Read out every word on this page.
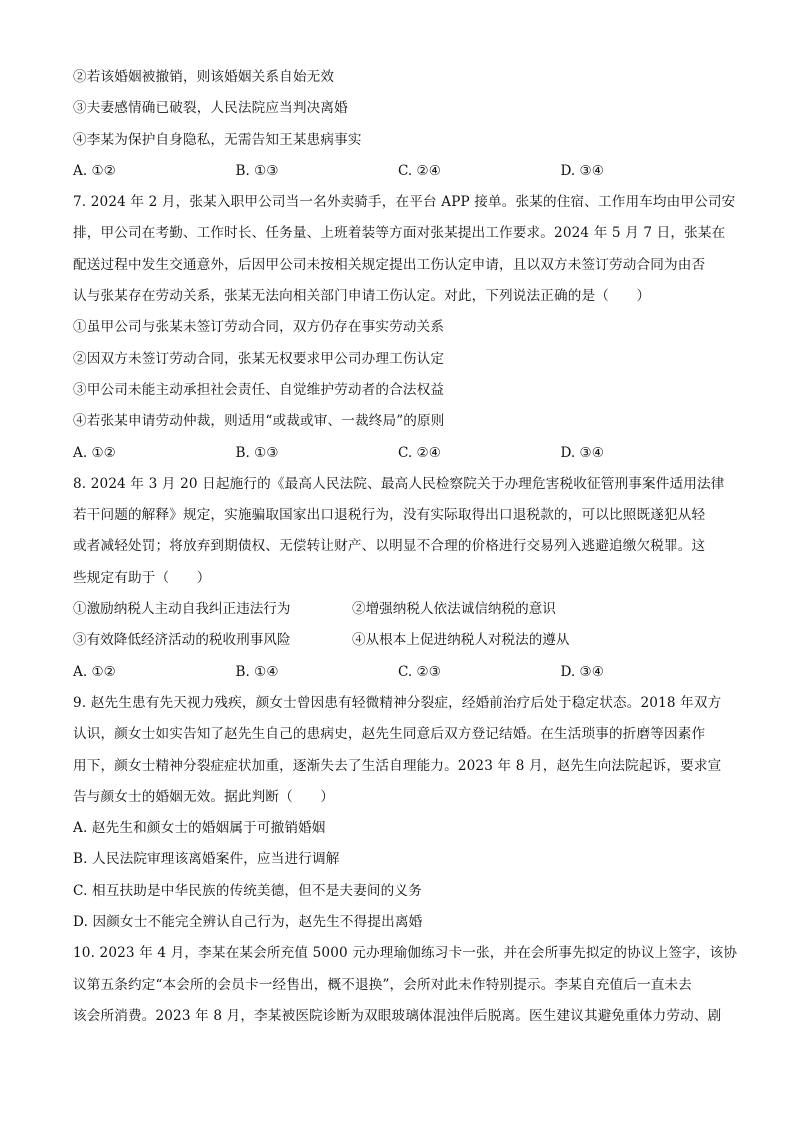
②若该婚姻被撤销，则该婚姻关系自始无效
③夫妻感情确已破裂，人民法院应当判决离婚
④李某为保护自身隐私，无需告知王某患病事实
A. ①②	B. ①③	C. ②④	D. ③④
7. 2024 年 2 月，张某入职甲公司当一名外卖骑手，在平台 APP 接单。张某的住宿、工作用车均由甲公司安
排，甲公司在考勤、工作时长、任务量、上班着装等方面对张某提出工作要求。2024 年 5 月 7 日，张某在
配送过程中发生交通意外，后因甲公司未按相关规定提出工伤认定申请，且以双方未签订劳动合同为由否
认与张某存在劳动关系，张某无法向相关部门申请工伤认定。对此，下列说法正确的是（　　）
①虽甲公司与张某未签订劳动合同，双方仍存在事实劳动关系
②因双方未签订劳动合同，张某无权要求甲公司办理工伤认定
③甲公司未能主动承担社会责任、自觉维护劳动者的合法权益
④若张某申请劳动仲裁，则适用“或裁或审、一裁终局”的原则
A. ①②	B. ①③	C. ②④	D. ③④
8. 2024 年 3 月 20 日起施行的《最高人民法院、最高人民检察院关于办理危害税收征管刑事案件适用法律
若干问题的解释》规定，实施骗取国家出口退税行为，没有实际取得出口退税款的，可以比照既遂犯从轻
或者减轻处罚；将放弃到期债权、无偿转让财产、以明显不合理的价格进行交易列入逃避追缴欠税罪。这
些规定有助于（　　）
①激励纳税人主动自我纠正违法行为	②增强纳税人依法诚信纳税的意识
③有效降低经济活动的税收刑事风险	④从根本上促进纳税人对税法的遵从
A. ①②	B. ①④	C. ②③	D. ③④
9. 赵先生患有先天视力残疾，颜女士曾因患有轻微精神分裂症，经婚前治疗后处于稳定状态。2018 年双方
认识，颜女士如实告知了赵先生自己的患病史，赵先生同意后双方登记结婚。在生活琐事的折磨等因素作
用下，颜女士精神分裂症症状加重，逐渐失去了生活自理能力。2023 年 8 月，赵先生向法院起诉，要求宣
告与颜女士的婚姻无效。据此判断（　　）
A. 赵先生和颜女士的婚姻属于可撤销婚姻
B. 人民法院审理该离婚案件，应当进行调解
C. 相互扶助是中华民族的传统美德，但不是夫妻间的义务
D. 因颜女士不能完全辨认自己行为，赵先生不得提出离婚
10. 2023 年 4 月，李某在某会所充值 5000 元办理瑜伽练习卡一张，并在会所事先拟定的协议上签字，该协
议第五条约定“本会所的会员卡一经售出，概不退换”，会所对此未作特别提示。李某自充值后一直未去
该会所消费。2023 年 8 月，李某被医院诊断为双眼玻璃体混浊伴后脱离。医生建议其避免重体力劳动、剧
